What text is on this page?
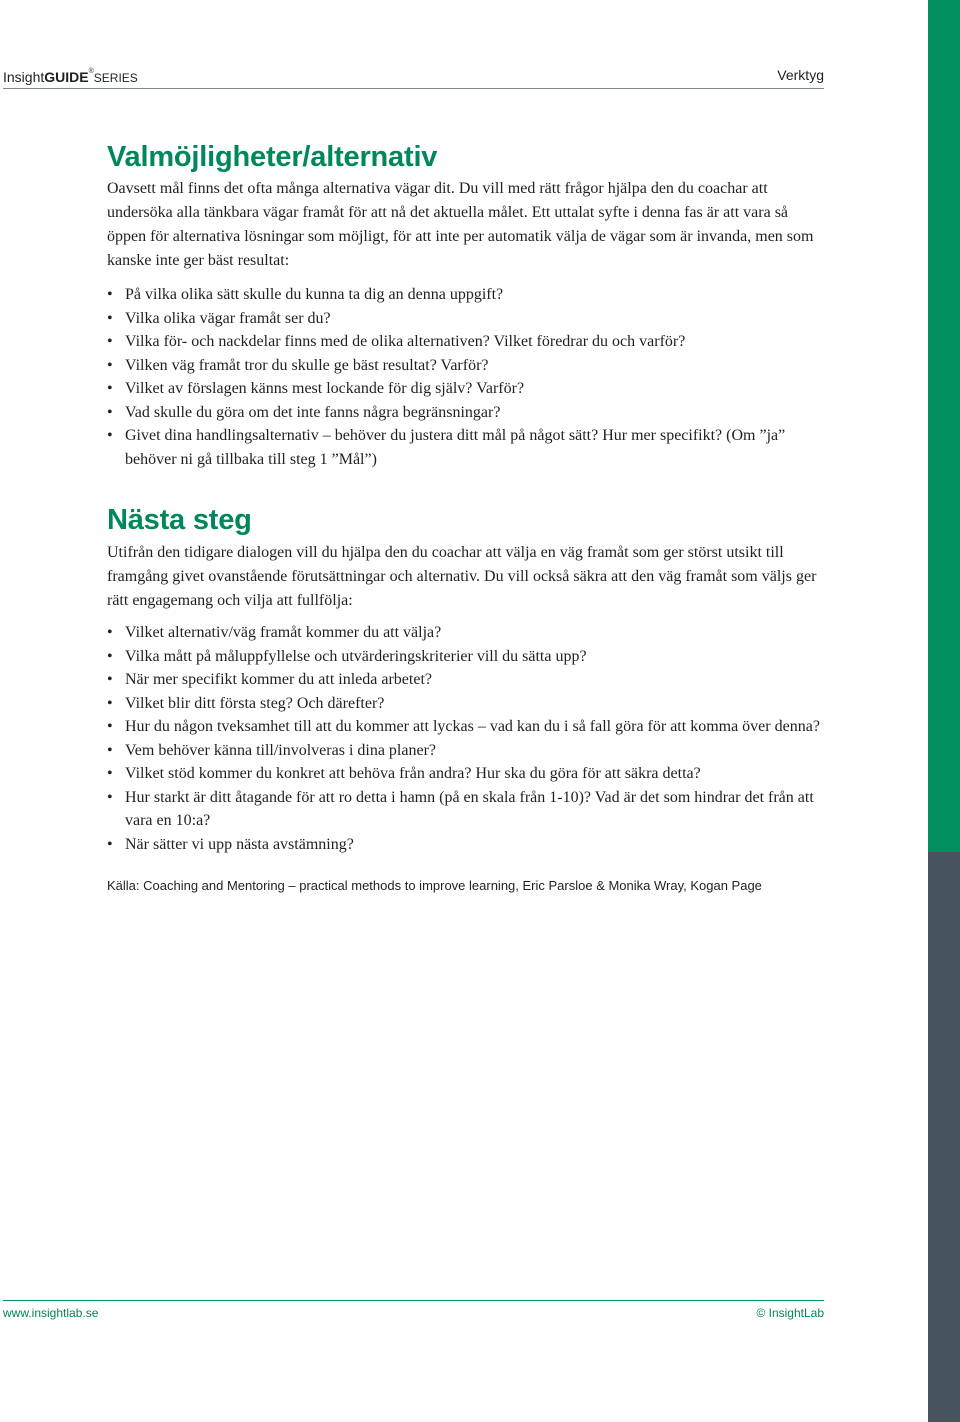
InsightGUIDE®SERIES	Verktyg
Valmöjligheter/alternativ

Oavsett mål finns det ofta många alternativa vägar dit. Du vill med rätt frågor hjälpa den du coachar att undersöka alla tänkbara vägar framåt för att nå det aktuella målet. Ett uttalat syfte i denna fas är att vara så öppen för alternativa lösningar som möjligt, för att inte per automatik välja de vägar som är invanda, men som kanske inte ger bäst resultat:

• På vilka olika sätt skulle du kunna ta dig an denna uppgift?
• Vilka olika vägar framåt ser du?
• Vilka för- och nackdelar finns med de olika alternativen? Vilket föredrar du och varför?
• Vilken väg framåt tror du skulle ge bäst resultat? Varför?
• Vilket av förslagen känns mest lockande för dig själv? Varför?
• Vad skulle du göra om det inte fanns några begränsningar?
• Givet dina handlingsalternativ – behöver du justera ditt mål på något sätt? Hur mer specifikt? (Om ”ja” behöver ni gå tillbaka till steg 1 ”Mål”)
Nästa steg

Utifrån den tidigare dialogen vill du hjälpa den du coachar att välja en väg framåt som ger störst utsikt till framgång givet ovanstående förutsättningar och alternativ. Du vill också säkra att den väg framåt som väljs ger rätt engagemang och vilja att fullfölja:

• Vilket alternativ/väg framåt kommer du att välja?
• Vilka mått på måluppfyllelse och utvärderingskriterier vill du sätta upp?
• När mer specifikt kommer du att inleda arbetet?
• Vilket blir ditt första steg? Och därefter?
• Hur du någon tveksamhet till att du kommer att lyckas – vad kan du i så fall göra för att komma över denna?
• Vem behöver känna till/involveras i dina planer?
• Vilket stöd kommer du konkret att behöva från andra? Hur ska du göra för att säkra detta?
• Hur starkt är ditt åtagande för att ro detta i hamn (på en skala från 1-10)? Vad är det som hindrar det från att vara en 10:a?
• När sätter vi upp nästa avstämning?

Källa: Coaching and Mentoring – practical methods to improve learning, Eric Parsloe & Monika Wray, Kogan Page

www.insightlab.se	© InsightLab
